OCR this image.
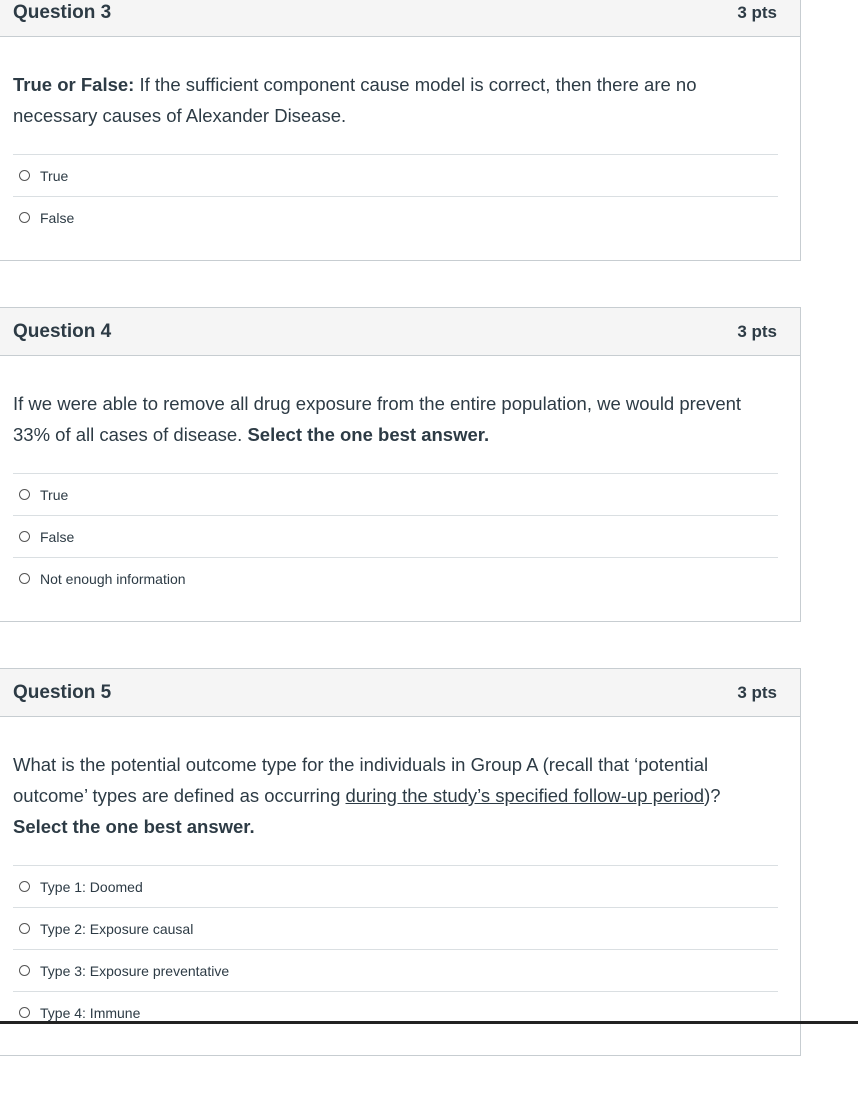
Question 3	3 pts

True or False: If the sufficient component cause model is correct, then there are no necessary causes of Alexander Disease.

True
False
Question 4	3 pts

If we were able to remove all drug exposure from the entire population, we would prevent 33% of all cases of disease. Select the one best answer.

True
False
Not enough information
Question 5	3 pts

What is the potential outcome type for the individuals in Group A (recall that ‘potential outcome’ types are defined as occurring during the study’s specified follow-up period)?
Select the one best answer.

Type 1: Doomed
Type 2: Exposure causal
Type 3: Exposure preventative
Type 4: Immune
